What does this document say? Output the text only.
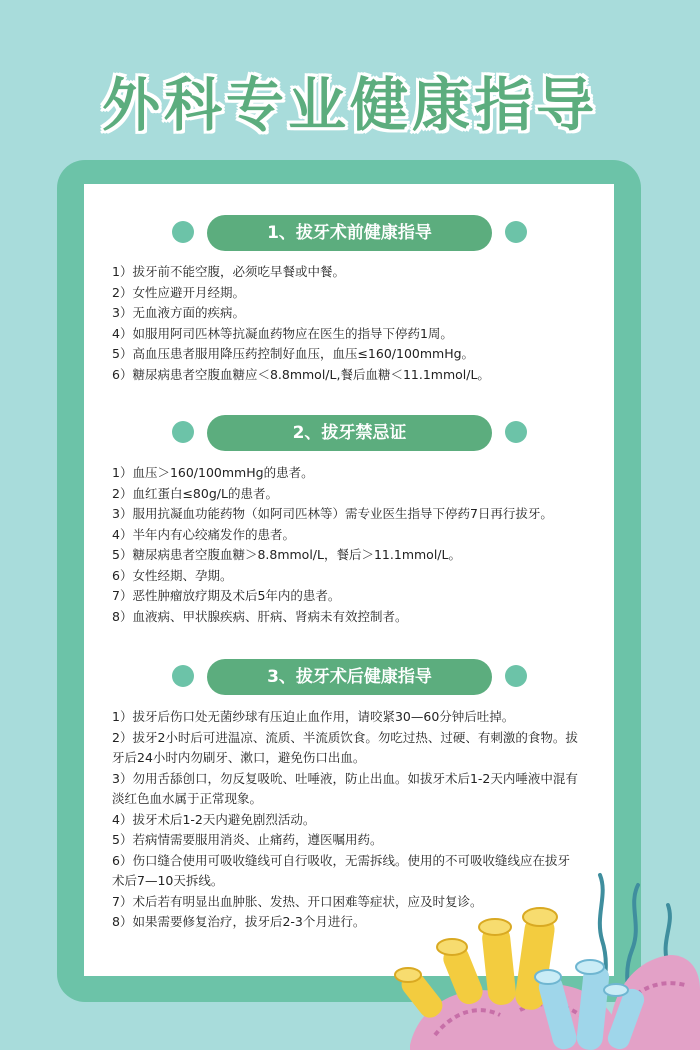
外科专业健康指导
1、拔牙术前健康指导
1）拔牙前不能空腹，必须吃早餐或中餐。
2）女性应避开月经期。
3）无血液方面的疾病。
4）如服用阿司匹林等抗凝血药物应在医生的指导下停药1周。
5）高血压患者服用降压药控制好血压，血压≤160/100mmHg。
6）糖尿病患者空腹血糖应＜8.8mmol/L,餐后血糖＜11.1mmol/L。
2、拔牙禁忌证
1）血压＞160/100mmHg的患者。
2）血红蛋白≤80g/L的患者。
3）服用抗凝血功能药物（如阿司匹林等）需专业医生指导下停药7日再行拔牙。
4）半年内有心绞痛发作的患者。
5）糖尿病患者空腹血糖＞8.8mmol/L，餐后＞11.1mmol/L。
6）女性经期、孕期。
7）恶性肿瘤放疗期及术后5年内的患者。
8）血液病、甲状腺疾病、肝病、肾病未有效控制者。
3、拔牙术后健康指导
1）拔牙后伤口处无菌纱球有压迫止血作用，请咬紧30—60分钟后吐掉。
2）拔牙2小时后可进温凉、流质、半流质饮食。勿吃过热、过硬、有刺激的食物。拔牙后24小时内勿刷牙、漱口，避免伤口出血。
3）勿用舌舔创口，勿反复吸吮、吐唾液，防止出血。如拔牙术后1-2天内唾液中混有淡红色血水属于正常现象。
4）拔牙术后1-2天内避免剧烈活动。
5）若病情需要服用消炎、止痛药，遵医嘱用药。
6）伤口缝合使用可吸收缝线可自行吸收，无需拆线。使用的不可吸收缝线应在拔牙术后7—10天拆线。
7）术后若有明显出血肿胀、发热、开口困难等症状，应及时复诊。
8）如果需要修复治疗，拔牙后2-3个月进行。
